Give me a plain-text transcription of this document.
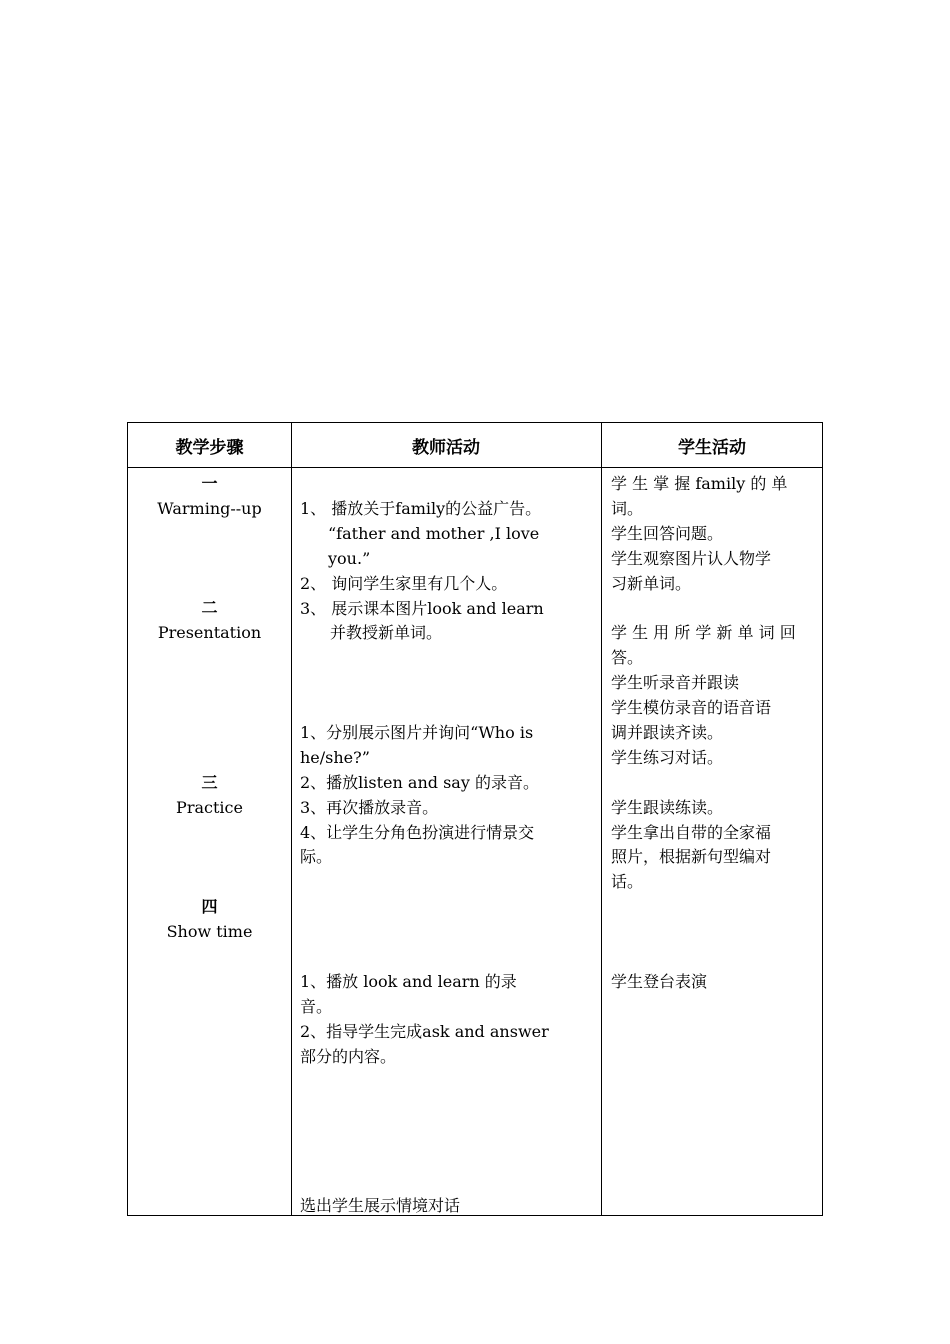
教学步骤	教师活动	学生活动
一
Warming--up
二
Presentation
三
Practice
四
Show time
1、 播放关于family的公益广告。
“father and mother ,I love
you.”
2、 询问学生家里有几个人。
3、 展示课本图片look and learn
并教授新单词。
1、分别展示图片并询问“Who is
he/she?”
2、播放listen and say 的录音。
3、再次播放录音。
4、让学生分角色扮演进行情景交
际。
1、播放 look and learn 的录
音。
2、指导学生完成ask and answer
部分的内容。
选出学生展示情境对话
学 生 掌 握 family 的 单
词。
学生回答问题。
学生观察图片认人物学
习新单词。
学 生 用 所 学 新 单 词 回
答。
学生听录音并跟读
学生模仿录音的语音语
调并跟读齐读。
学生练习对话。
学生跟读练读。
学生拿出自带的全家福
照片，根据新句型编对
话。
学生登台表演
